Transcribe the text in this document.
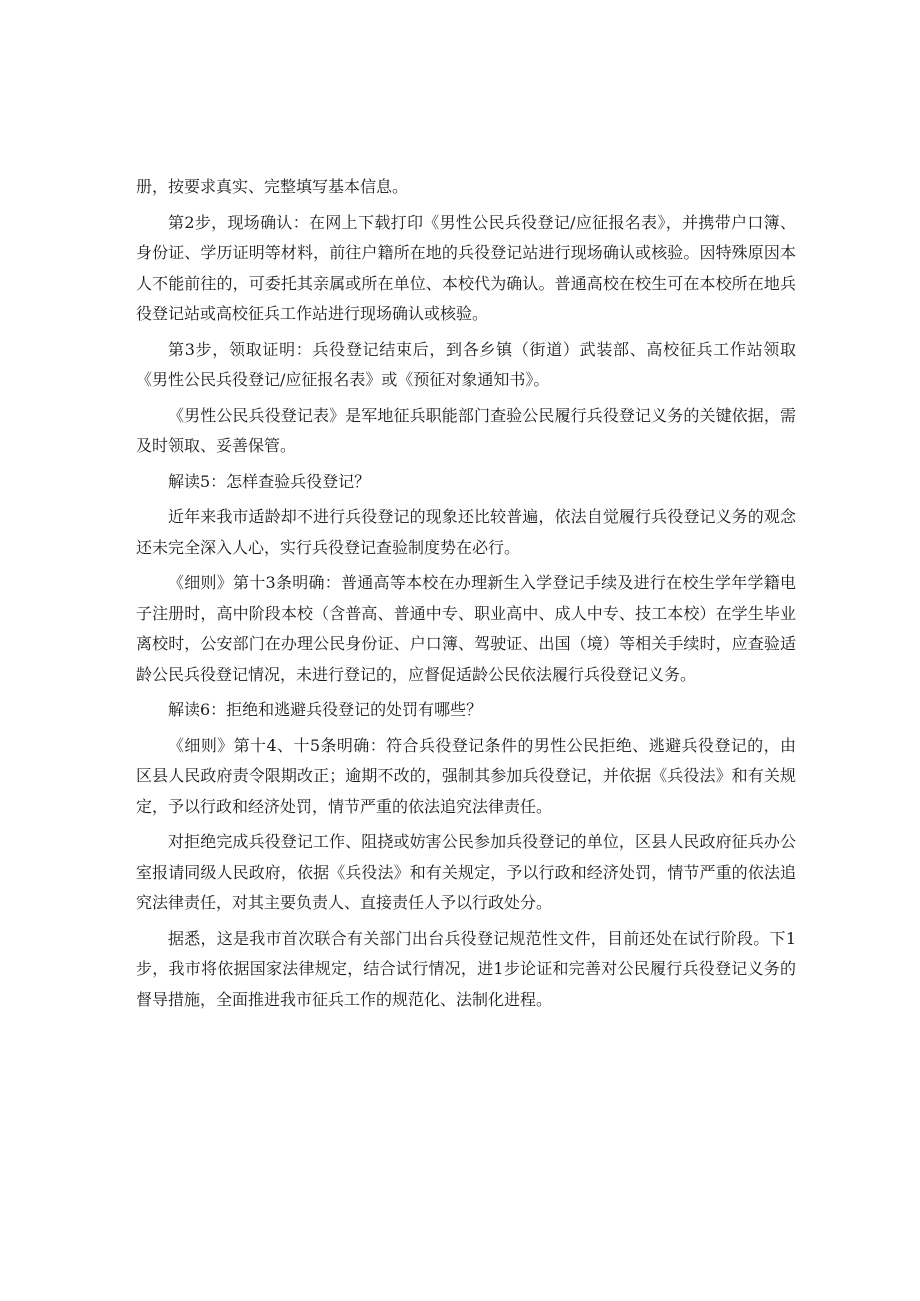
册，按要求真实、完整填写基本信息。

第2步，现场确认：在网上下载打印《男性公民兵役登记/应征报名表》，并携带户口簿、身份证、学历证明等材料，前往户籍所在地的兵役登记站进行现场确认或核验。因特殊原因本人不能前往的，可委托其亲属或所在单位、本校代为确认。普通高校在校生可在本校所在地兵役登记站或高校征兵工作站进行现场确认或核验。

第3步，领取证明：兵役登记结束后，到各乡镇（街道）武装部、高校征兵工作站领取《男性公民兵役登记/应征报名表》或《预征对象通知书》。

《男性公民兵役登记表》是军地征兵职能部门查验公民履行兵役登记义务的关键依据，需及时领取、妥善保管。

解读5：怎样查验兵役登记？

近年来我市适龄却不进行兵役登记的现象还比较普遍，依法自觉履行兵役登记义务的观念还未完全深入人心，实行兵役登记查验制度势在必行。

《细则》第十3条明确：普通高等本校在办理新生入学登记手续及进行在校生学年学籍电子注册时，高中阶段本校（含普高、普通中专、职业高中、成人中专、技工本校）在学生毕业离校时，公安部门在办理公民身份证、户口簿、驾驶证、出国（境）等相关手续时，应查验适龄公民兵役登记情况，未进行登记的，应督促适龄公民依法履行兵役登记义务。

解读6：拒绝和逃避兵役登记的处罚有哪些？

《细则》第十4、十5条明确：符合兵役登记条件的男性公民拒绝、逃避兵役登记的，由区县人民政府责令限期改正；逾期不改的，强制其参加兵役登记，并依据《兵役法》和有关规定，予以行政和经济处罚，情节严重的依法追究法律责任。

对拒绝完成兵役登记工作、阻挠或妨害公民参加兵役登记的单位，区县人民政府征兵办公室报请同级人民政府，依据《兵役法》和有关规定，予以行政和经济处罚，情节严重的依法追究法律责任，对其主要负责人、直接责任人予以行政处分。

据悉，这是我市首次联合有关部门出台兵役登记规范性文件，目前还处在试行阶段。下1步，我市将依据国家法律规定，结合试行情况，进1步论证和完善对公民履行兵役登记义务的督导措施，全面推进我市征兵工作的规范化、法制化进程。
